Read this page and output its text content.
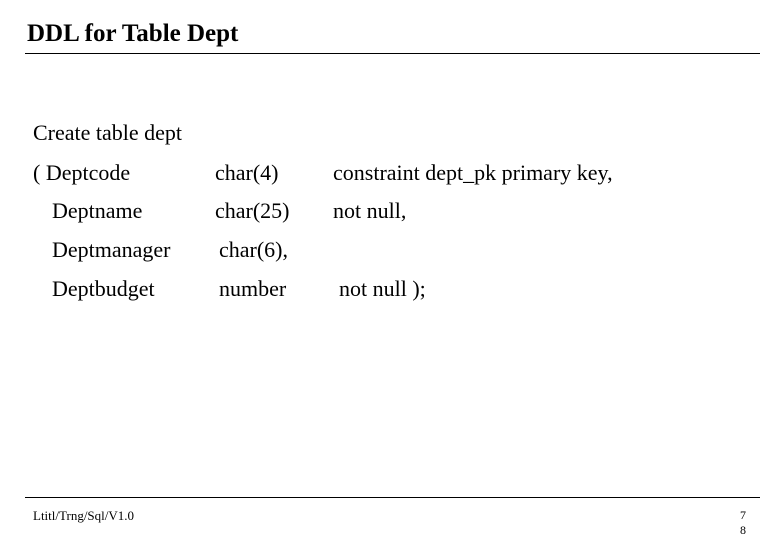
DDL for Table Dept
Create table dept
( Deptcode	char(4) constraint dept_pk primary key,
Deptname	char(25) not null,
Deptmanager char(6),
Deptbudget	number not null );
Ltitl/Trng/Sql/V1.0	7
8
